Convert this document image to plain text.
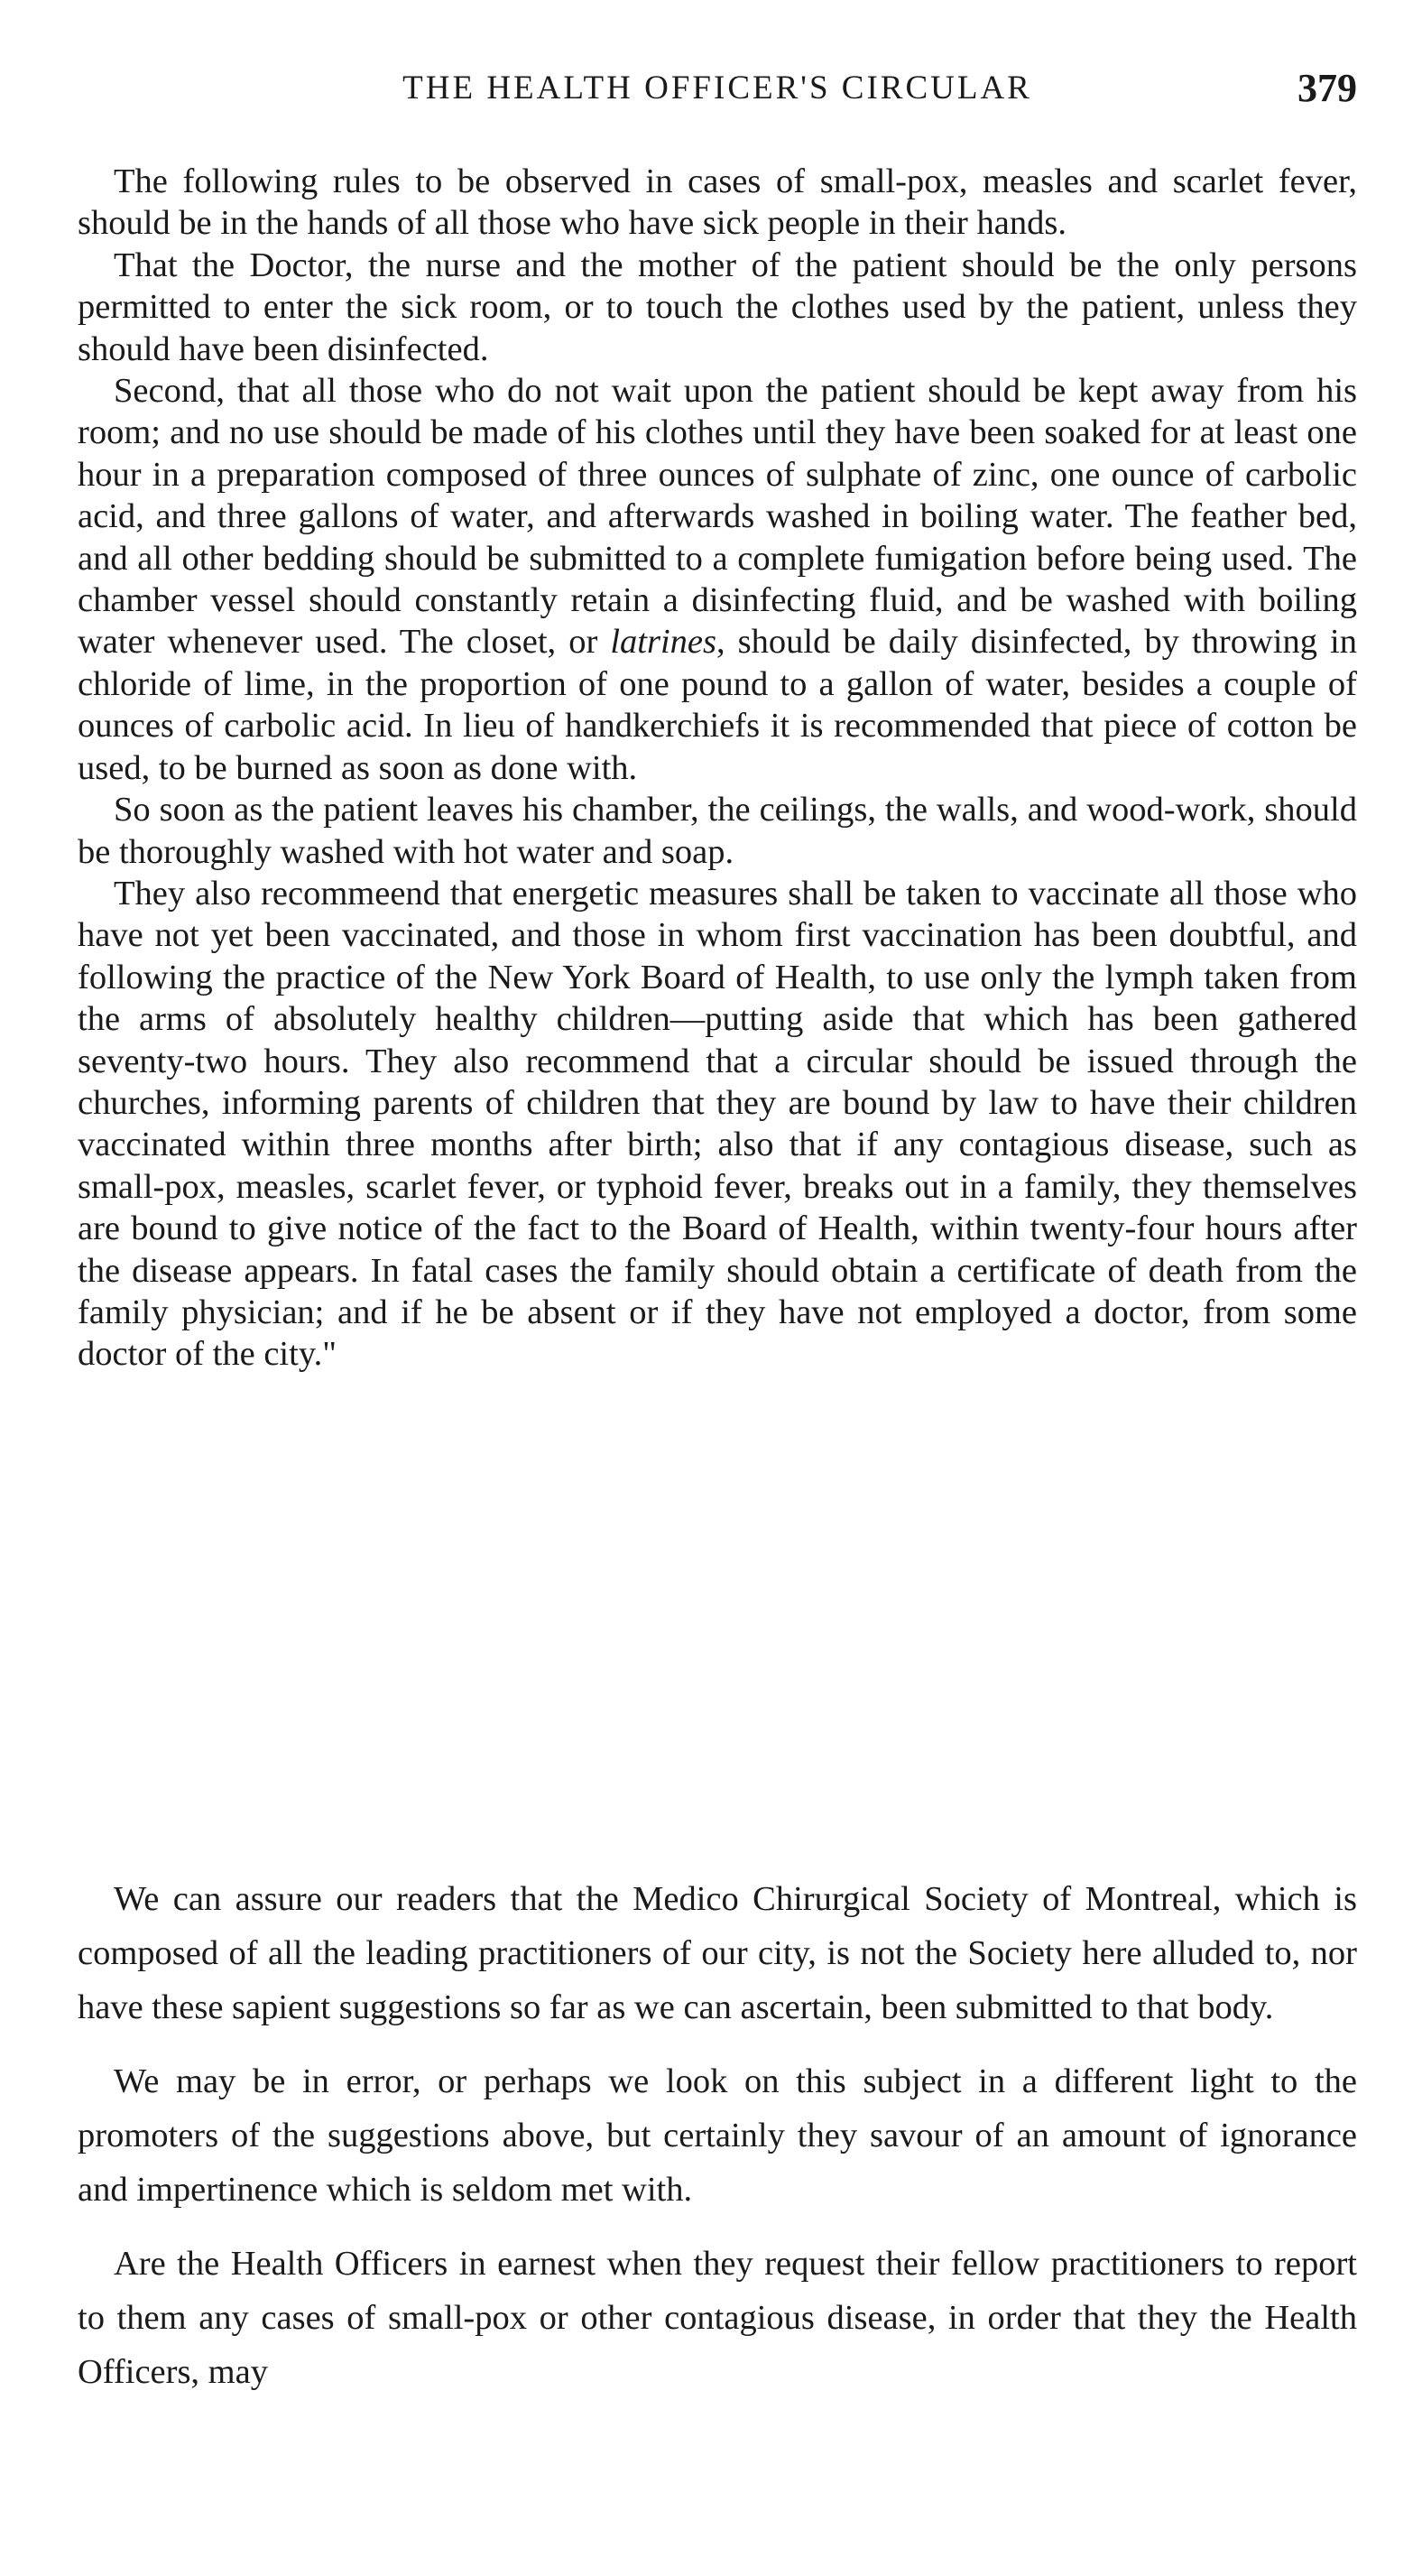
THE HEALTH OFFICER'S CIRCULAR	379

The following rules to be observed in cases of small-pox, measles and scarlet fever, should be in the hands of all those who have sick people in their hands.

That the Doctor, the nurse and the mother of the patient should be the only persons permitted to enter the sick room, or to touch the clothes used by the patient, unless they should have been disinfected.

Second, that all those who do not wait upon the patient should be kept away from his room; and no use should be made of his clothes until they have been soaked for at least one hour in a preparation composed of three ounces of sulphate of zinc, one ounce of carbolic acid, and three gallons of water, and afterwards washed in boiling water. The feather bed, and all other bedding should be submitted to a complete fumigation before being used. The chamber vessel should constantly retain a disinfecting fluid, and be washed with boiling water whenever used. The closet, or latrines, should be daily disinfected, by throwing in chloride of lime, in the proportion of one pound to a gallon of water, besides a couple of ounces of carbolic acid. In lieu of handkerchiefs it is recommended that piece of cotton be used, to be burned as soon as done with.

So soon as the patient leaves his chamber, the ceilings, the walls, and wood-work, should be thoroughly washed with hot water and soap.

They also recommeend that energetic measures shall be taken to vaccinate all those who have not yet been vaccinated, and those in whom first vaccination has been doubtful, and following the practice of the New York Board of Health, to use only the lymph taken from the arms of absolutely healthy children—putting aside that which has been gathered seventy-two hours. They also recommend that a circular should be issued through the churches, informing parents of children that they are bound by law to have their children vaccinated within three months after birth; also that if any contagious disease, such as small-pox, measles, scarlet fever, or typhoid fever, breaks out in a family, they themselves are bound to give notice of the fact to the Board of Health, within twenty-four hours after the disease appears. In fatal cases the family should obtain a certificate of death from the family physician; and if he be absent or if they have not employed a doctor, from some doctor of the city."

We can assure our readers that the Medico Chirurgical Society of Montreal, which is composed of all the leading practitioners of our city, is not the Society here alluded to, nor have these sapient suggestions so far as we can ascertain, been submitted to that body.

We may be in error, or perhaps we look on this subject in a different light to the promoters of the suggestions above, but certainly they savour of an amount of ignorance and impertinence which is seldom met with.

Are the Health Officers in earnest when they request their fellow practitioners to report to them any cases of small-pox or other contagious disease, in order that they the Health Officers, may
